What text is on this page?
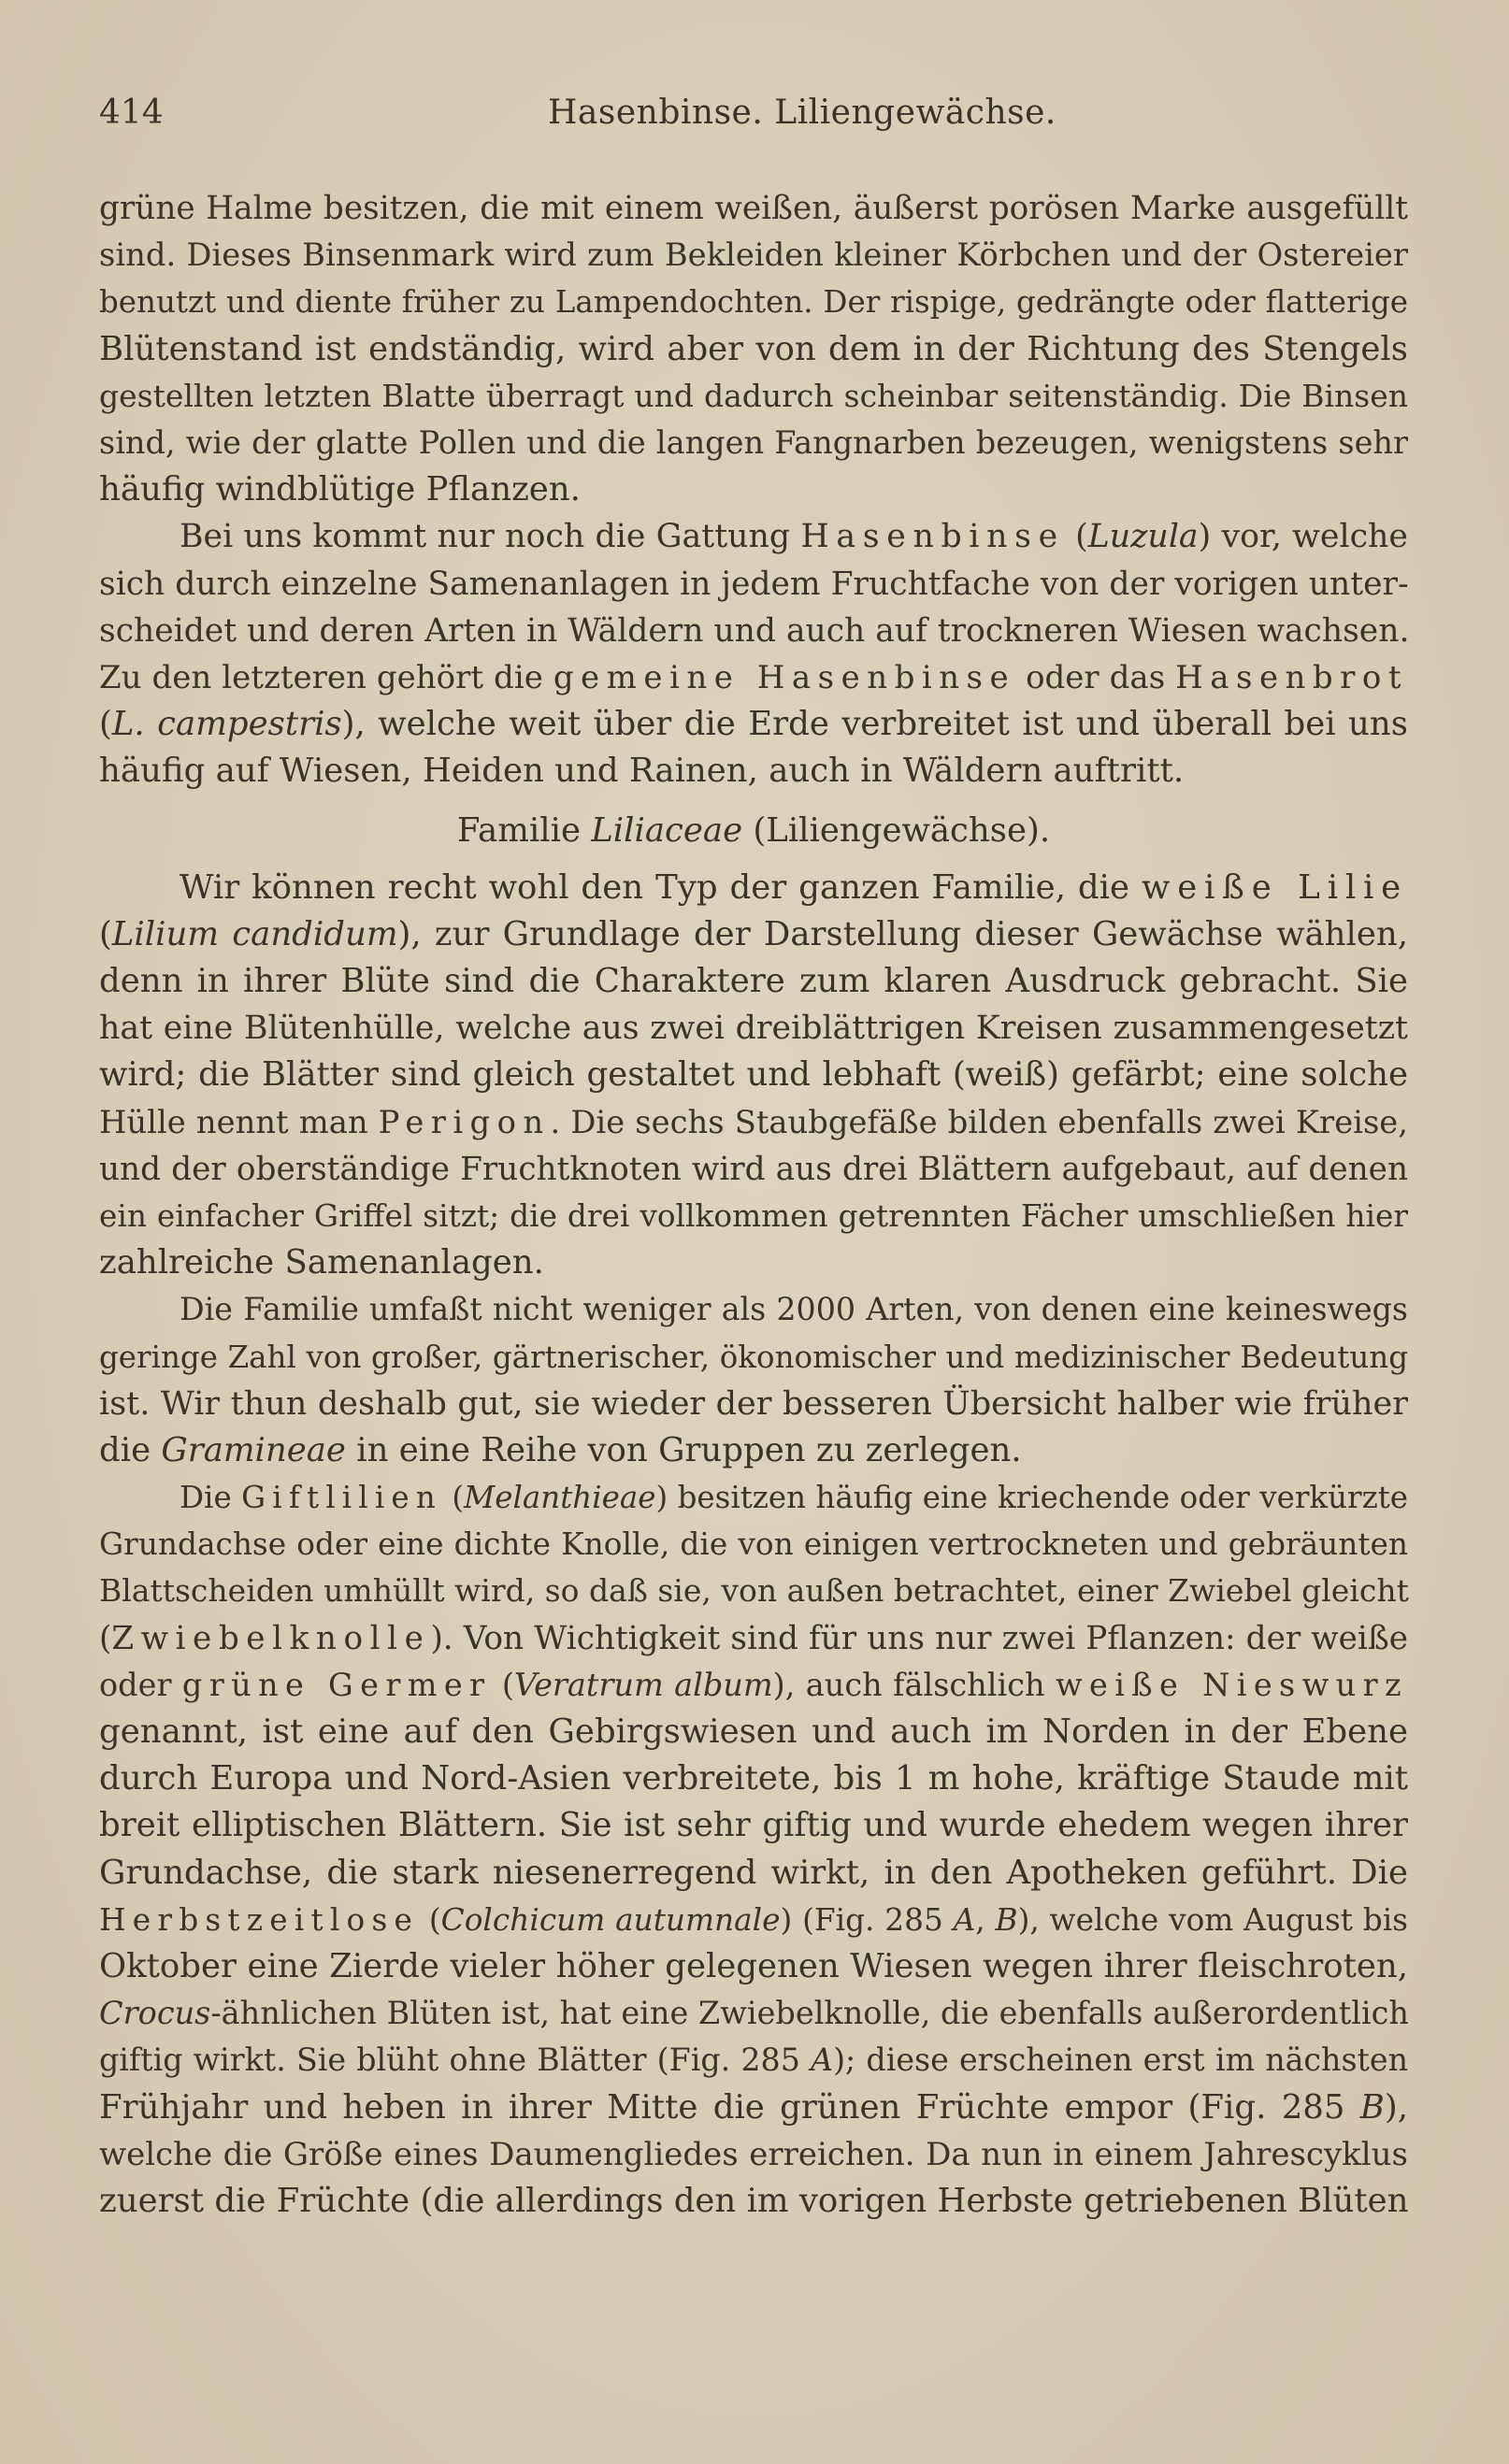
414	Hasenbinse. Liliengewächse.
grüne Halme besitzen, die mit einem weißen, äußerst porösen Marke ausgefüllt
sind. Dieses Binsenmark wird zum Bekleiden kleiner Körbchen und der Ostereier
benutzt und diente früher zu Lampendochten. Der rispige, gedrängte oder flatterige
Blütenstand ist endständig, wird aber von dem in der Richtung des Stengels
gestellten letzten Blatte überragt und dadurch scheinbar seitenständig. Die Binsen
sind, wie der glatte Pollen und die langen Fangnarben bezeugen, wenigstens sehr
häufig windblütige Pflanzen.
Bei uns kommt nur noch die Gattung Hasenbinse (Luzula) vor, welche
sich durch einzelne Samenanlagen in jedem Fruchtfache von der vorigen unter-
scheidet und deren Arten in Wäldern und auch auf trockneren Wiesen wachsen.
Zu den letzteren gehört die gemeine Hasenbinse oder das Hasenbrot
(L. campestris), welche weit über die Erde verbreitet ist und überall bei uns
häufig auf Wiesen, Heiden und Rainen, auch in Wäldern auftritt.
Familie Liliaceae (Liliengewächse).
Wir können recht wohl den Typ der ganzen Familie, die weiße Lilie
(Lilium candidum), zur Grundlage der Darstellung dieser Gewächse wählen,
denn in ihrer Blüte sind die Charaktere zum klaren Ausdruck gebracht. Sie
hat eine Blütenhülle, welche aus zwei dreiblättrigen Kreisen zusammengesetzt
wird; die Blätter sind gleich gestaltet und lebhaft (weiß) gefärbt; eine solche
Hülle nennt man Perigon. Die sechs Staubgefäße bilden ebenfalls zwei Kreise,
und der oberständige Fruchtknoten wird aus drei Blättern aufgebaut, auf denen
ein einfacher Griffel sitzt; die drei vollkommen getrennten Fächer umschließen hier
zahlreiche Samenanlagen.
Die Familie umfaßt nicht weniger als 2000 Arten, von denen eine keineswegs
geringe Zahl von großer, gärtnerischer, ökonomischer und medizinischer Bedeutung
ist. Wir thun deshalb gut, sie wieder der besseren Übersicht halber wie früher
die Gramineae in eine Reihe von Gruppen zu zerlegen.
Die Giftlilien (Melanthieae) besitzen häufig eine kriechende oder verkürzte
Grundachse oder eine dichte Knolle, die von einigen vertrockneten und gebräunten
Blattscheiden umhüllt wird, so daß sie, von außen betrachtet, einer Zwiebel gleicht
(Zwiebelknolle). Von Wichtigkeit sind für uns nur zwei Pflanzen: der weiße
oder grüne Germer (Veratrum album), auch fälschlich weiße Nieswurz
genannt, ist eine auf den Gebirgswiesen und auch im Norden in der Ebene
durch Europa und Nord-Asien verbreitete, bis 1 m hohe, kräftige Staude mit
breit elliptischen Blättern. Sie ist sehr giftig und wurde ehedem wegen ihrer
Grundachse, die stark niesenerregend wirkt, in den Apotheken geführt. Die
Herbstzeitlose (Colchicum autumnale) (Fig. 285 A, B), welche vom August bis
Oktober eine Zierde vieler höher gelegenen Wiesen wegen ihrer fleischroten,
Crocus-ähnlichen Blüten ist, hat eine Zwiebelknolle, die ebenfalls außerordentlich
giftig wirkt. Sie blüht ohne Blätter (Fig. 285 A); diese erscheinen erst im nächsten
Frühjahr und heben in ihrer Mitte die grünen Früchte empor (Fig. 285 B),
welche die Größe eines Daumengliedes erreichen. Da nun in einem Jahrescyklus
zuerst die Früchte (die allerdings den im vorigen Herbste getriebenen Blüten
